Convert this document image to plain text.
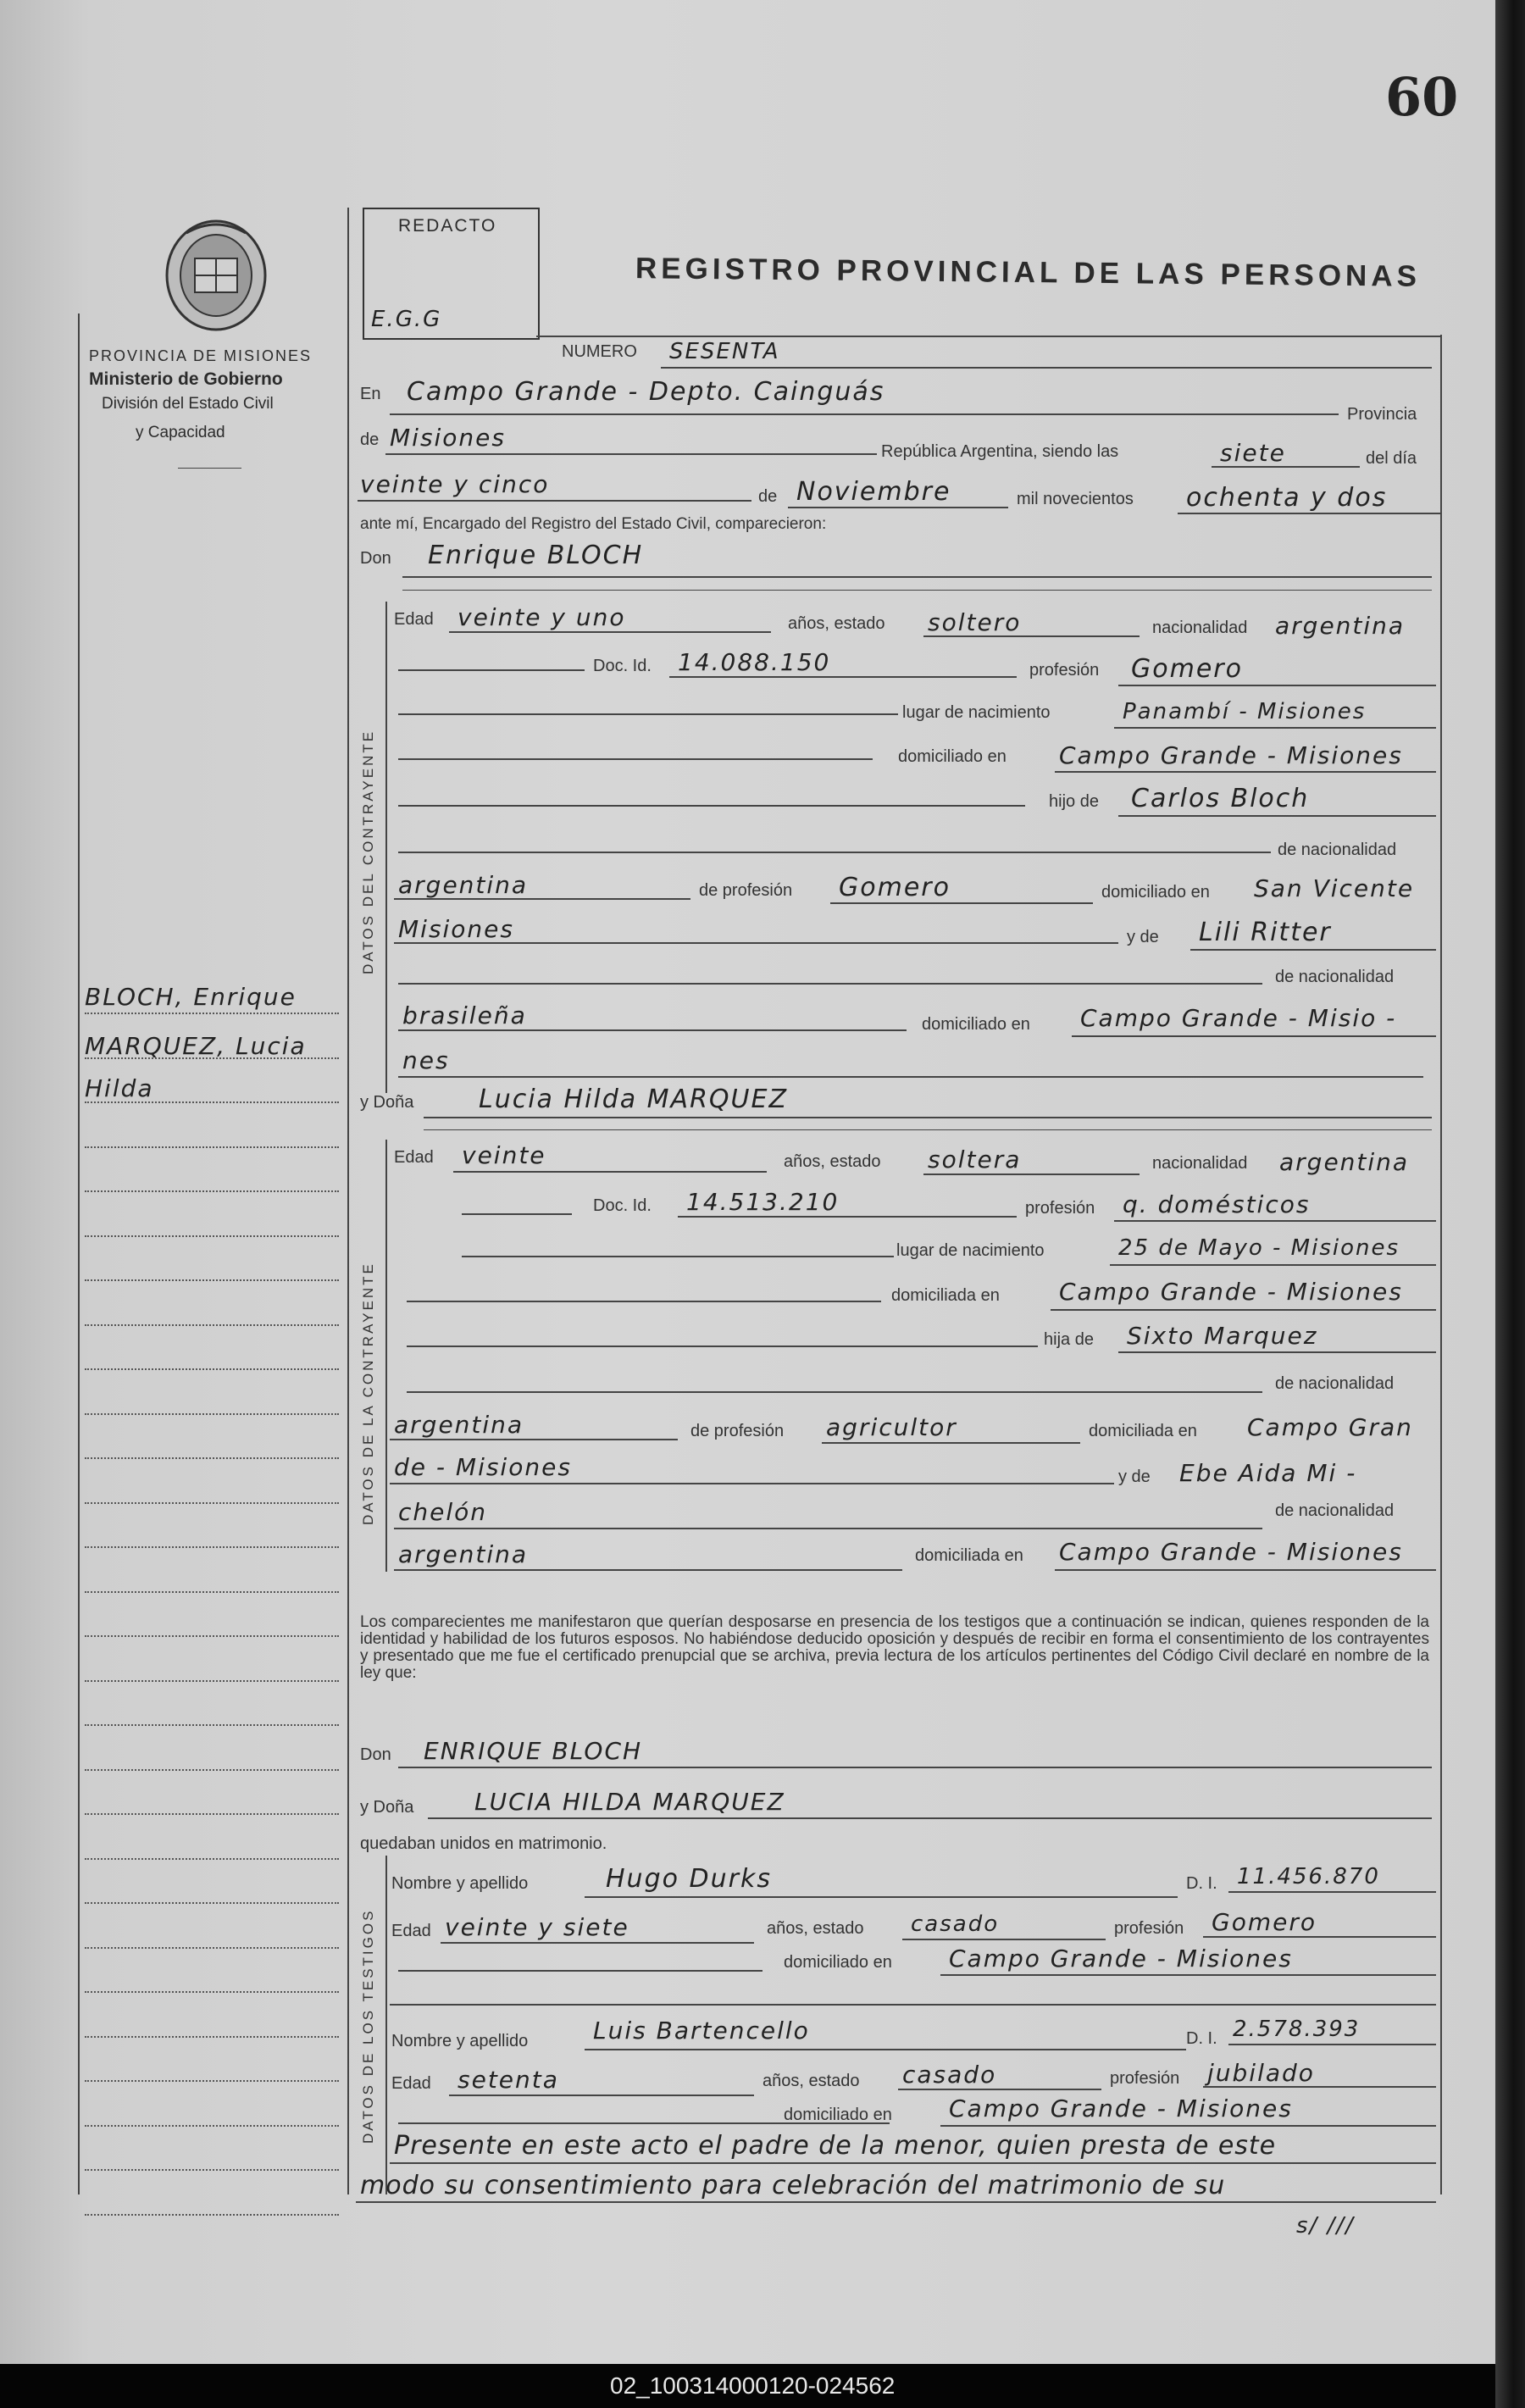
02_100314000120-024562
60
PROVINCIA DE MISIONES
Ministerio de Gobierno
División del Estado Civil
y Capacidad
BLOCH, Enrique
MARQUEZ, Lucia
Hilda
REDACTO
E.G.G
REGISTRO PROVINCIAL DE LAS PERSONAS
NUMERO SESENTA
En Campo Grande - Depto. Cainguás
Provincia
de Misiones	República Argentina, siendo las	siete	del día
veinte y cinco	de Noviembre	mil novecientos ochenta y dos
ante mí, Encargado del Registro del Estado Civil, comparecieron:
Don Enrique BLOCH
DATOS DEL CONTRAYENTE
Edad veinte y uno	años, estado soltero	nacionalidad argentina
Doc. Id. 14.088.150	profesión Gomero
lugar de nacimiento	Panambí - Misiones
domiciliado en Campo Grande - Misiones
hijo de Carlos Bloch
de nacionalidad
argentina	de profesión Gomero	domiciliado en San Vicente
Misiones	y de Lili Ritter
de nacionalidad
brasileña	domiciliado en Campo Grande - Misio -
nes
y Doña	Lucia Hilda MARQUEZ
DATOS DE LA CONTRAYENTE
Edad veinte	años, estado soltera	nacionalidad argentina
Doc. Id. 14.513.210	profesión q. domésticos
lugar de nacimiento	25 de Mayo - Misiones
domiciliada en	Campo Grande - Misiones
hija de Sixto Marquez
de nacionalidad
argentina	de profesión agricultor	domiciliada en Campo Gran
de - Misiones	y de Ebe Aida Mi -
chelón	de nacionalidad
argentina	domiciliada en Campo Grande - Misiones
Los comparecientes me manifestaron que querían desposarse en presencia de los testigos que a continuación se indican, quienes responden de la identidad y habilidad de los futuros esposos. No habiéndose deducido oposición y después de recibir en forma el consentimiento de los contrayentes y presentado que me fue el certificado prenupcial que se archiva, previa lectura de los artículos pertinentes del Código Civil declaré en nombre de la ley que:
Don ENRIQUE BLOCH
y Doña	LUCIA HILDA MARQUEZ
quedaban unidos en matrimonio.
DATOS DE LOS TESTIGOS
Nombre y apellido	Hugo Durks	D. I. 11.456.870
Edad veinte y siete	años, estado casado	profesión Gomero
domiciliado en Campo Grande - Misiones
Nombre y apellido	Luis Bartencello	D. I. 2.578.393
Edad setenta	años, estado casado	profesión jubilado
domiciliado en Campo Grande - Misiones
Presente en este acto el padre de la menor, quien presta de este
modo su consentimiento para celebración del matrimonio de su
s/ ///
